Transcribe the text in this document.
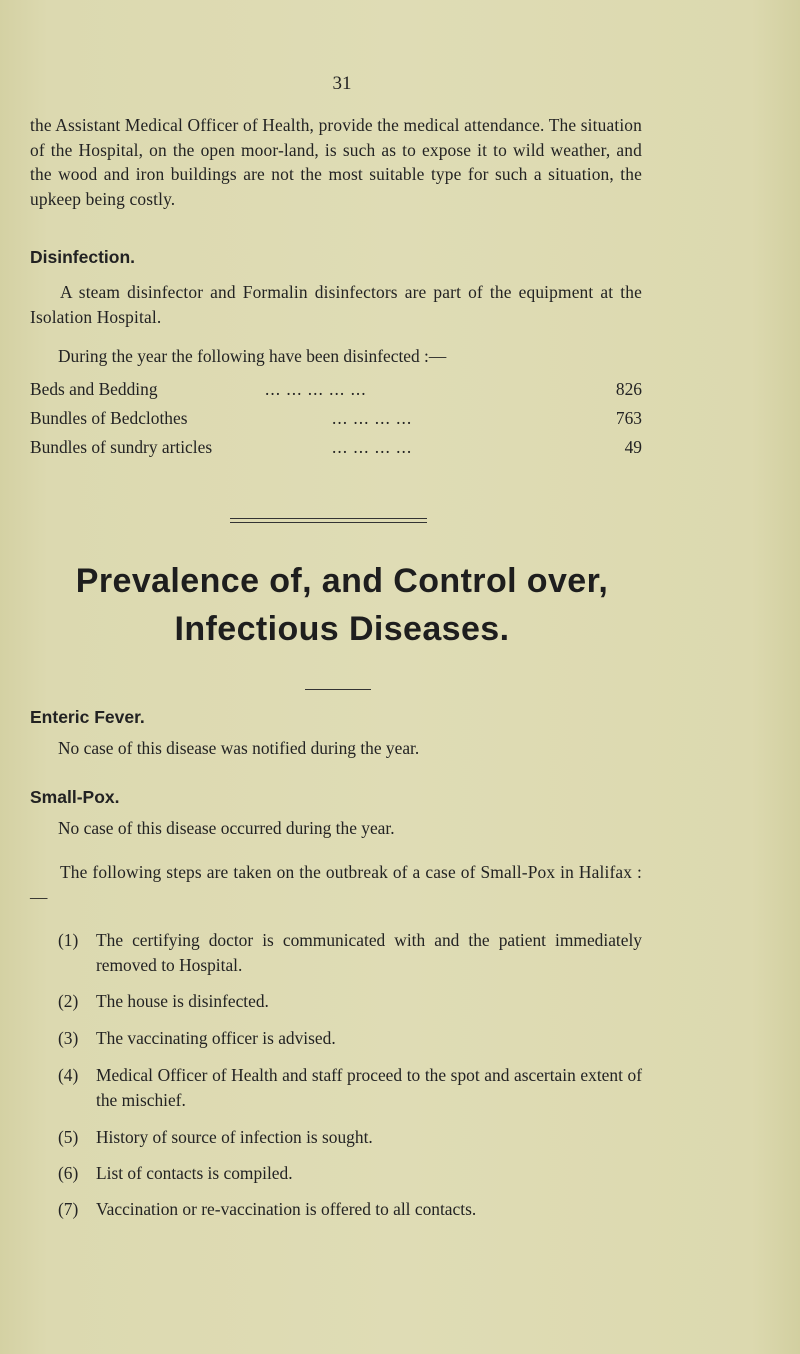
31
the Assistant Medical Officer of Health, provide the medical attendance. The situation of the Hospital, on the open moor-land, is such as to expose it to wild weather, and the wood and iron buildings are not the most suitable type for such a situation, the upkeep being costly.
Disinfection.
A steam disinfector and Formalin disinfectors are part of the equipment at the Isolation Hospital.
During the year the following have been disinfected :—
Beds and Bedding	... ... ... ... ...	826
Bundles of Bedclothes	... ... ... ...	763
Bundles of sundry articles	... ... ... ...	49
Prevalence of, and Control over,
Infectious Diseases.
Enteric Fever.
No case of this disease was notified during the year.
Small-Pox.
No case of this disease occurred during the year.
The following steps are taken on the outbreak of a case of Small-Pox in Halifax :—
(1) The certifying doctor is communicated with and the patient immediately removed to Hospital.
(2) The house is disinfected.
(3) The vaccinating officer is advised.
(4) Medical Officer of Health and staff proceed to the spot and ascertain extent of the mischief.
(5) History of source of infection is sought.
(6) List of contacts is compiled.
(7) Vaccination or re-vaccination is offered to all contacts.
